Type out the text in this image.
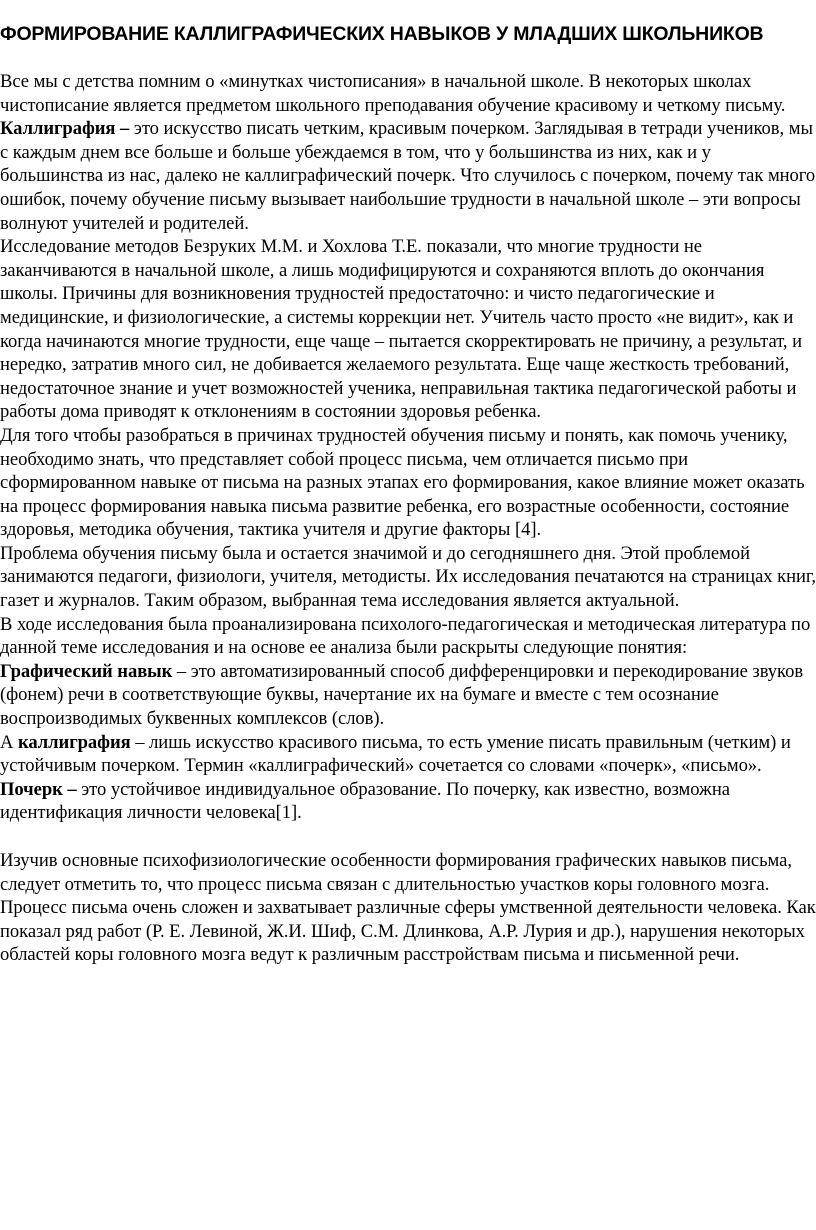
ФОРМИРОВАНИЕ КАЛЛИГРАФИЧЕСКИХ НАВЫКОВ У МЛАДШИХ ШКОЛЬНИКОВ

Все мы с детства помним о «минутках чистописания» в начальной школе. В некоторых школах чистописание является предметом школьного преподавания обучение красивому и четкому письму.

Каллиграфия – это искусство писать четким, красивым почерком. Заглядывая в тетради учеников, мы с каждым днем все больше и больше убеждаемся в том, что у большинства из них, как и у большинства из нас, далеко не каллиграфический почерк. Что случилось с почерком, почему так много ошибок, почему обучение письму вызывает наибольшие трудности в начальной школе – эти вопросы волнуют учителей и родителей.

Исследование методов Безруких М.М. и Хохлова Т.Е. показали, что многие трудности не заканчиваются в начальной школе, а лишь модифицируются и сохраняются вплоть до окончания школы. Причины для возникновения трудностей предостаточно: и чисто педагогические и медицинские, и физиологические, а системы коррекции нет. Учитель часто просто «не видит», как и когда начинаются многие трудности, еще чаще – пытается скорректировать не причину, а результат, и нередко, затратив много сил, не добивается желаемого результата. Еще чаще жесткость требований, недостаточное знание и учет возможностей ученика, неправильная тактика педагогической работы и работы дома приводят к отклонениям в состоянии здоровья ребенка.

Для того чтобы разобраться в причинах трудностей обучения письму и понять, как помочь ученику, необходимо знать, что представляет собой процесс письма, чем отличается письмо при сформированном навыке от письма на разных этапах его формирования, какое влияние может оказать на процесс формирования навыка письма развитие ребенка, его возрастные особенности, состояние здоровья, методика обучения, тактика учителя и другие факторы [4].

Проблема обучения письму была и остается значимой и до сегодняшнего дня. Этой проблемой занимаются педагоги, физиологи, учителя, методисты. Их исследования печатаются на страницах книг, газет и журналов. Таким образом, выбранная тема исследования является актуальной.

В ходе исследования была проанализирована психолого-педагогическая и методическая литература по данной теме исследования и на основе ее анализа были раскрыты следующие понятия:

Графический навык – это автоматизированный способ дифференцировки и перекодирование звуков (фонем) речи в соответствующие буквы, начертание их на бумаге и вместе с тем осознание воспроизводимых буквенных комплексов (слов).

А каллиграфия – лишь искусство красивого письма, то есть умение писать правильным (четким) и устойчивым почерком. Термин «каллиграфический» сочетается со словами «почерк», «письмо».

Почерк – это устойчивое индивидуальное образование. По почерку, как известно, возможна идентификация личности человека[1].

Изучив основные психофизиологические особенности формирования графических навыков письма, следует отметить то, что процесс письма связан с длительностью участков коры головного мозга. Процесс письма очень сложен и захватывает различные сферы умственной деятельности человека. Как показал ряд работ (Р. Е. Левиной, Ж.И. Шиф, С.М. Длинкова, А.Р. Лурия и др.), нарушения некоторых областей коры головного мозга ведут к различным расстройствам письма и письменной речи.
